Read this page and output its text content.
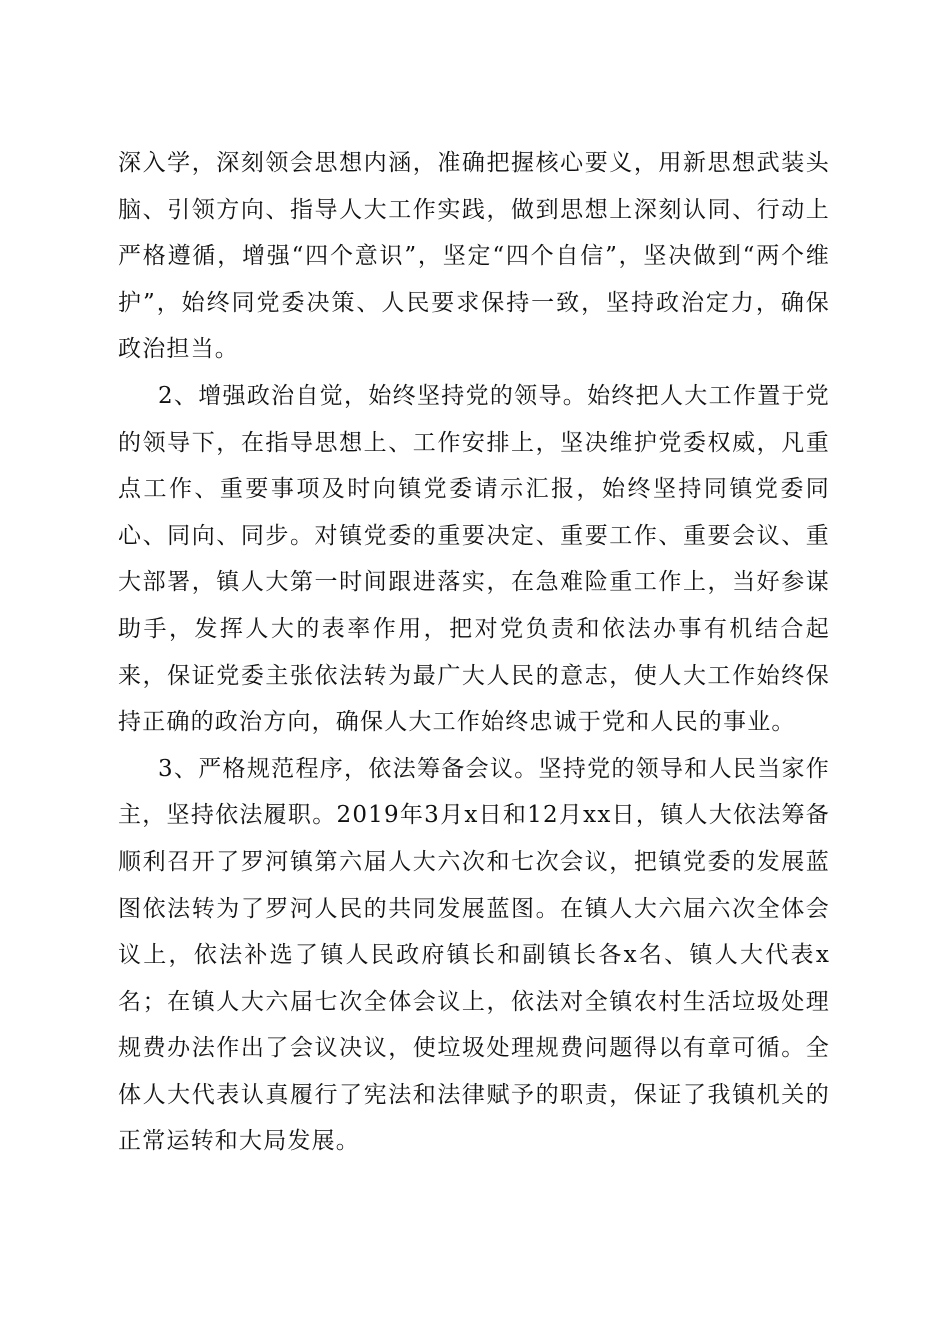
深入学，深刻领会思想内涵，准确把握核心要义，用新思想武装头脑、引领方向、指导人大工作实践，做到思想上深刻认同、行动上严格遵循，增强“四个意识”，坚定“四个自信”，坚决做到“两个维护”，始终同党委决策、人民要求保持一致，坚持政治定力，确保政治担当。

2、增强政治自觉，始终坚持党的领导。始终把人大工作置于党的领导下，在指导思想上、工作安排上，坚决维护党委权威，凡重点工作、重要事项及时向镇党委请示汇报，始终坚持同镇党委同心、同向、同步。对镇党委的重要决定、重要工作、重要会议、重大部署，镇人大第一时间跟进落实，在急难险重工作上，当好参谋助手，发挥人大的表率作用，把对党负责和依法办事有机结合起来，保证党委主张依法转为最广大人民的意志，使人大工作始终保持正确的政治方向，确保人大工作始终忠诚于党和人民的事业。

3、严格规范程序，依法筹备会议。坚持党的领导和人民当家作主，坚持依法履职。2019年3月x日和12月xx日，镇人大依法筹备顺利召开了罗河镇第六届人大六次和七次会议，把镇党委的发展蓝图依法转为了罗河人民的共同发展蓝图。在镇人大六届六次全体会议上，依法补选了镇人民政府镇长和副镇长各x名、镇人大代表x名；在镇人大六届七次全体会议上，依法对全镇农村生活垃圾处理规费办法作出了会议决议，使垃圾处理规费问题得以有章可循。全体人大代表认真履行了宪法和法律赋予的职责，保证了我镇机关的正常运转和大局发展。
